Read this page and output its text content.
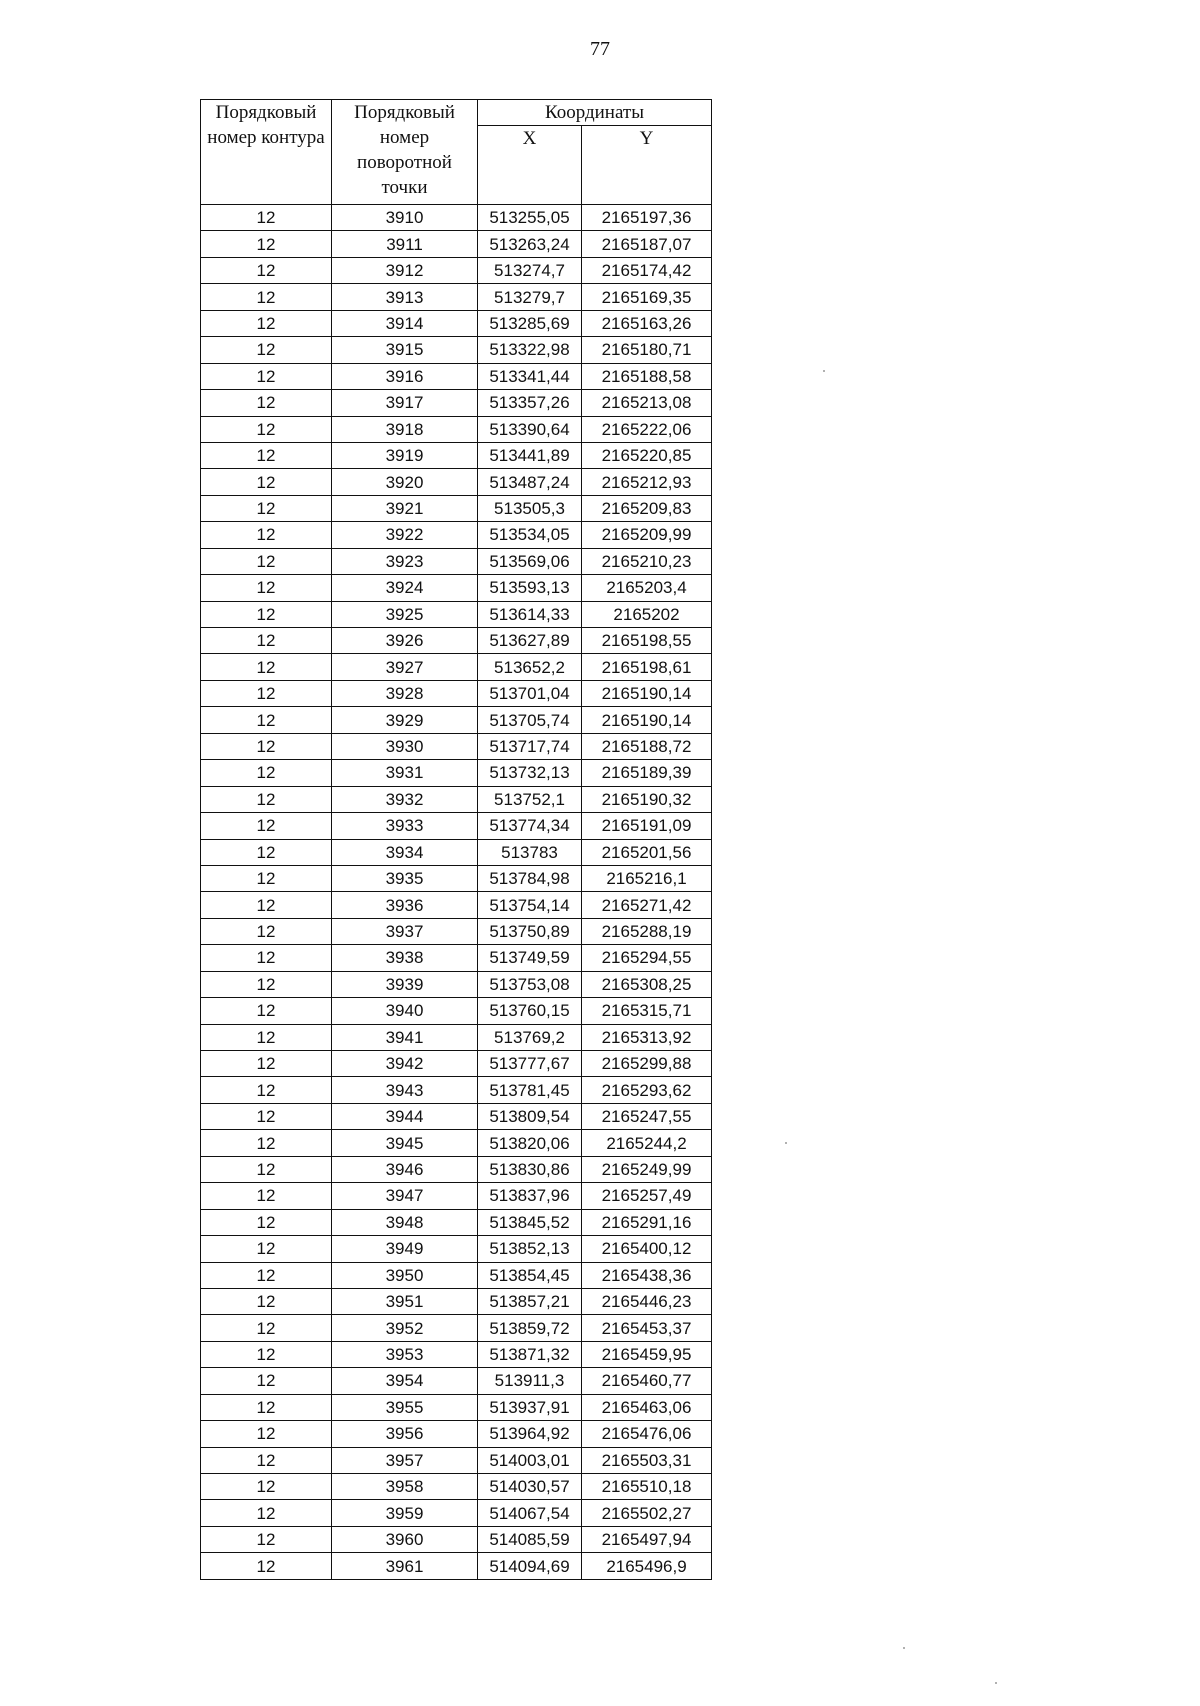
77
Порядковый номер контура	Порядковый номер поворотной точки	Координаты	
		X	Y
12	3910	513255,05	2165197,36
12	3911	513263,24	2165187,07
12	3912	513274,7	2165174,42
12	3913	513279,7	2165169,35
12	3914	513285,69	2165163,26
12	3915	513322,98	2165180,71
12	3916	513341,44	2165188,58
12	3917	513357,26	2165213,08
12	3918	513390,64	2165222,06
12	3919	513441,89	2165220,85
12	3920	513487,24	2165212,93
12	3921	513505,3	2165209,83
12	3922	513534,05	2165209,99
12	3923	513569,06	2165210,23
12	3924	513593,13	2165203,4
12	3925	513614,33	2165202
12	3926	513627,89	2165198,55
12	3927	513652,2	2165198,61
12	3928	513701,04	2165190,14
12	3929	513705,74	2165190,14
12	3930	513717,74	2165188,72
12	3931	513732,13	2165189,39
12	3932	513752,1	2165190,32
12	3933	513774,34	2165191,09
12	3934	513783	2165201,56
12	3935	513784,98	2165216,1
12	3936	513754,14	2165271,42
12	3937	513750,89	2165288,19
12	3938	513749,59	2165294,55
12	3939	513753,08	2165308,25
12	3940	513760,15	2165315,71
12	3941	513769,2	2165313,92
12	3942	513777,67	2165299,88
12	3943	513781,45	2165293,62
12	3944	513809,54	2165247,55
12	3945	513820,06	2165244,2
12	3946	513830,86	2165249,99
12	3947	513837,96	2165257,49
12	3948	513845,52	2165291,16
12	3949	513852,13	2165400,12
12	3950	513854,45	2165438,36
12	3951	513857,21	2165446,23
12	3952	513859,72	2165453,37
12	3953	513871,32	2165459,95
12	3954	513911,3	2165460,77
12	3955	513937,91	2165463,06
12	3956	513964,92	2165476,06
12	3957	514003,01	2165503,31
12	3958	514030,57	2165510,18
12	3959	514067,54	2165502,27
12	3960	514085,59	2165497,94
12	3961	514094,69	2165496,9
